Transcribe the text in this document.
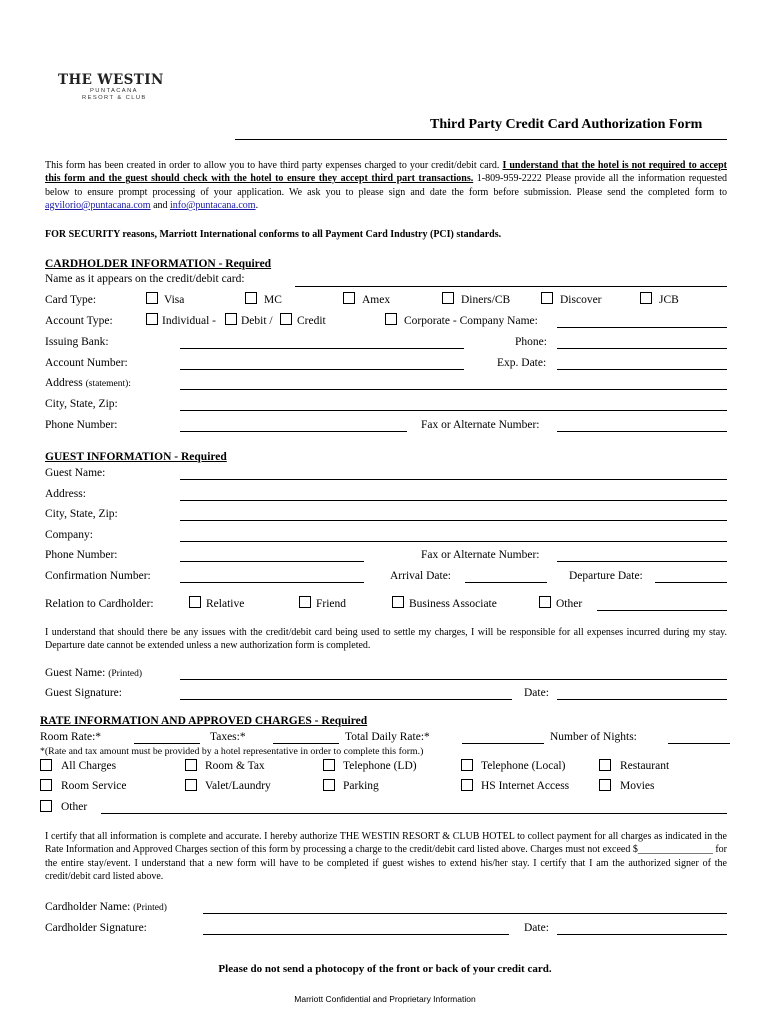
THE WESTIN
PUNTACANA
RESORT & CLUB
Third Party Credit Card Authorization Form
This form has been created in order to allow you to have third party expenses charged to your credit/debit card. I understand that the hotel is not required to accept this form and the guest should check with the hotel to ensure they accept third part transactions. 1-809-959-2222 Please provide all the information requested below to ensure prompt processing of your application. We ask you to please sign and date the form before submission. Please send the completed form to agvilorio@puntacana.com and info@puntacana.com.
FOR SECURITY reasons, Marriott International conforms to all Payment Card Industry (PCI) standards.
CARDHOLDER INFORMATION - Required
Name as it appears on the credit/debit card:
Card Type:	Visa	MC	Amex	Diners/CB	Discover	JCB
Account Type:	Individual - Debit / Credit	Corporate - Company Name:
Issuing Bank:	Phone:
Account Number:	Exp. Date:
Address (statement):
City, State, Zip:
Phone Number:	Fax or Alternate Number:
GUEST INFORMATION - Required
Guest Name:
Address:
City, State, Zip:
Company:
Phone Number:	Fax or Alternate Number:
Confirmation Number:	Arrival Date:	Departure Date:
Relation to Cardholder:	Relative	Friend	Business Associate	Other
I understand that should there be any issues with the credit/debit card being used to settle my charges, I will be responsible for all expenses incurred during my stay. Departure date cannot be extended unless a new authorization form is completed.
Guest Name: (Printed)
Guest Signature:	Date:
RATE INFORMATION AND APPROVED CHARGES - Required
Room Rate:*	Taxes:*	Total Daily Rate:*	Number of Nights:
*(Rate and tax amount must be provided by a hotel representative in order to complete this form.)
All Charges	Room & Tax	Telephone (LD)	Telephone (Local)	Restaurant
Room Service	Valet/Laundry	Parking	HS Internet Access	Movies
Other
I certify that all information is complete and accurate. I hereby authorize THE WESTIN RESORT & CLUB HOTEL to collect payment for all charges as indicated in the Rate Information and Approved Charges section of this form by processing a charge to the credit/debit card listed above. Charges must not exceed $_______________ for the entire stay/event. I understand that a new form will have to be completed if guest wishes to extend his/her stay. I certify that I am the authorized signer of the credit/debit card listed above.
Cardholder Name: (Printed)
Cardholder Signature:	Date:
Please do not send a photocopy of the front or back of your credit card.
Marriott Confidential and Proprietary Information
